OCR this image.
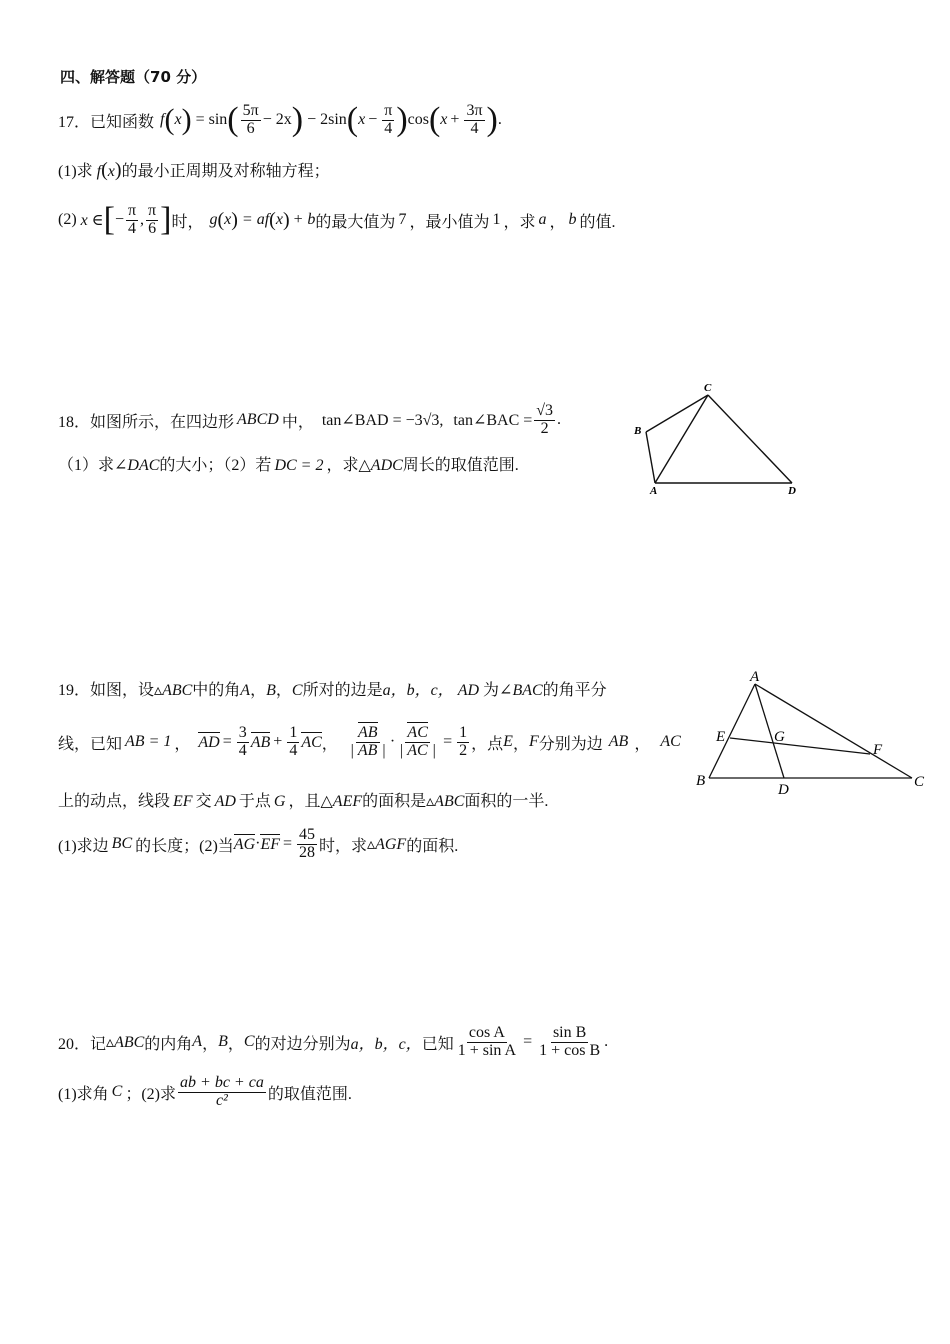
四、解答题（70 分）
17． 已知函数 f ( x ) = sin ( $\frac{5\pi}{6} - 2x$ ) − 2sin ( $x - \frac{\pi}{4}$ ) cos ( $x + \frac{3\pi}{4}$ ) .
(1)求 f(x)的最小正周期及对称轴方程；
(2) x ∈ [ − $\frac{\pi}{4}$ , $\frac{\pi}{6}$ ] 时， g ( x ) = af ( x ) + b 的最大值为 7 ，最小值为 1 ，求 a ， b 的值.
18． 如图所示，在四边形 ABCD 中， tan∠BAD = −3√3, tan∠BAC = $\frac{√3}{2}$ .
（1）求∠DAC的大小；（2）若 DC = 2 ，求△ADC周长的取值范围.
C
B
A	D
19．如图，设▵ABC中的角A，B，C所对的边是a，b，c， AD 为∠BAC的角平分
线，已知 AB = 1 ， AD = $\frac{3}{4}$ AB + $\frac{1}{4}$ AC ， $\frac{AB}{| AB |} \cdot \frac{AC}{| AC |} = \frac{1}{2}$ ，点 E ， F 分别为边 AB ， AC
上的动点，线段 EF 交 AD 于点 G ，且△AEF的面积是▵ABC面积的一半.
(1)求边 BC 的长度；(2)当 AG · EF = $\frac{45}{28}$ 时，求 ▵AGF 的面积.
A
E	G
F
B
D	C
20． 记 ▵ABC 的内角 A ， B ， C 的对边分别为 a，b，c， 已知 $\frac{\text{cos A}}{\text{1 + sin A}} = \frac{\text{sin B}}{\text{1 + cos B}}$ .
(1)求角 C ；(2)求 $\frac{ab + bc + ca}{\text{c²}}$ 的取值范围.
